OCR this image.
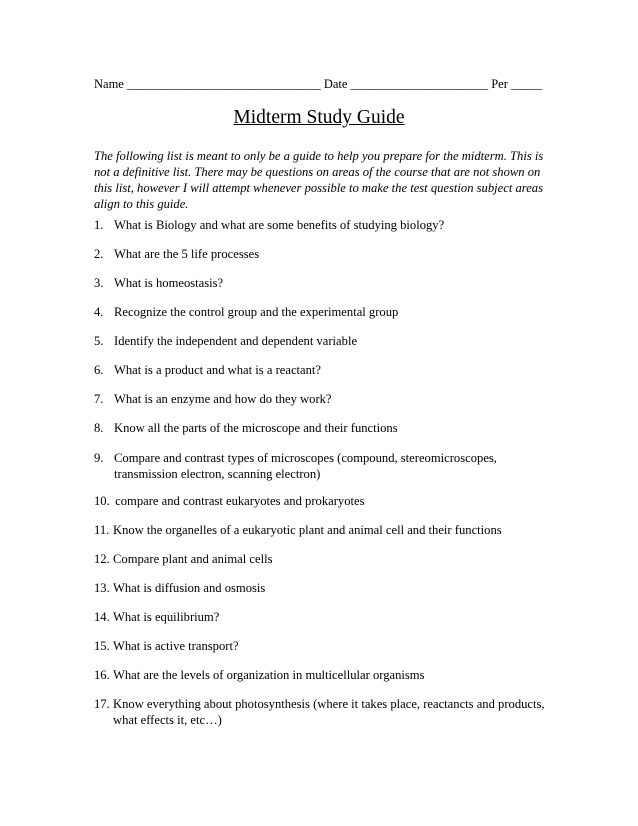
Name _______________________________ Date ______________________ Per _____
Midterm Study Guide
The following list is meant to only be a guide to help you prepare for the midterm. This is not a definitive list. There may be questions on areas of the course that are not shown on this list, however I will attempt whenever possible to make the test question subject areas align to this guide.
1. What is Biology and what are some benefits of studying biology?
2. What are the 5 life processes
3. What is homeostasis?
4. Recognize the control group and the experimental group
5. Identify the independent and dependent variable
6. What is a product and what is a reactant?
7. What is an enzyme and how do they work?
8. Know all the parts of the microscope and their functions
9. Compare and contrast types of microscopes (compound, stereomicroscopes, transmission electron, scanning electron)
10. compare and contrast eukaryotes and prokaryotes
11. Know the organelles of a eukaryotic plant and animal cell and their functions
12. Compare plant and animal cells
13. What is diffusion and osmosis
14. What is equilibrium?
15. What is active transport?
16. What are the levels of organization in multicellular organisms
17. Know everything about photosynthesis (where it takes place, reactancts and products, what effects it, etc…)
